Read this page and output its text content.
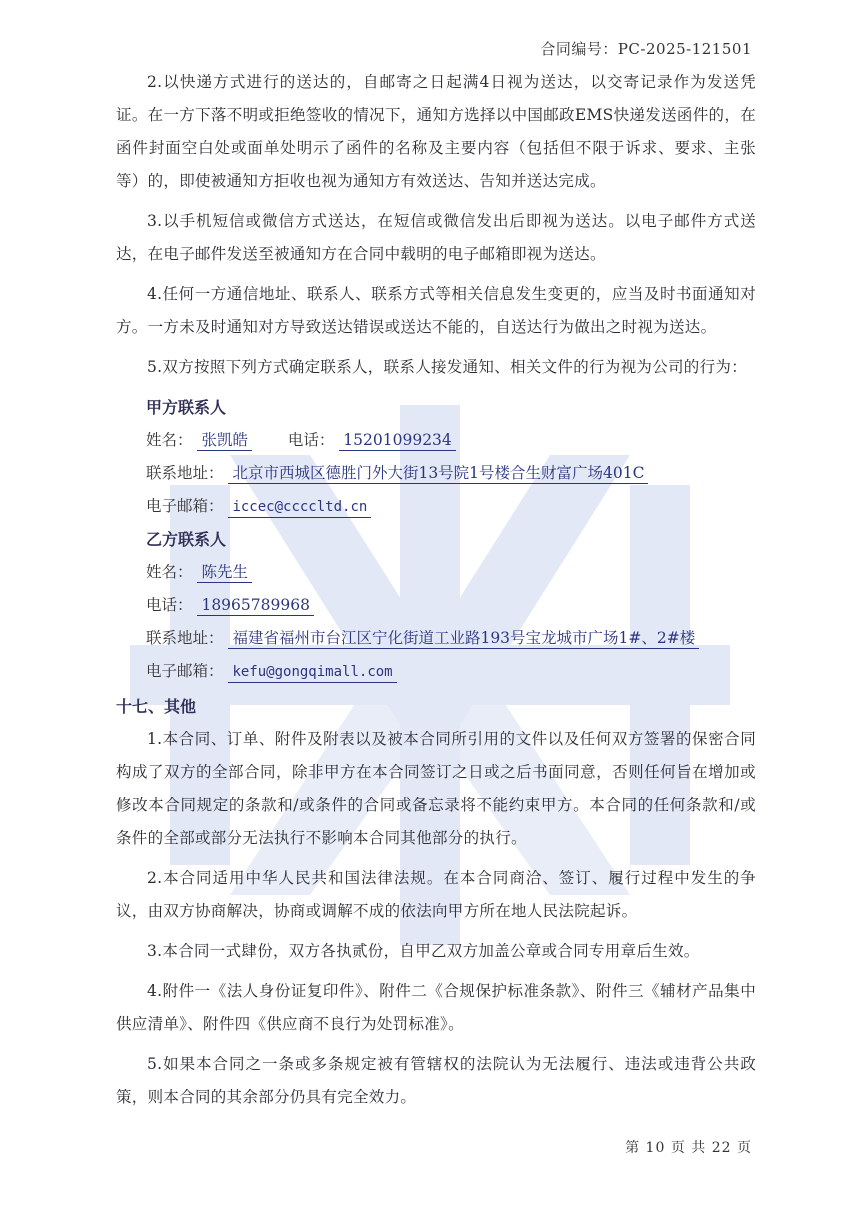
合同编号：PC-2025-121501

2.以快递方式进行的送达的，自邮寄之日起满4日视为送达，以交寄记录作为发送凭证。在一方下落不明或拒绝签收的情况下，通知方选择以中国邮政EMS快递发送函件的，在函件封面空白处或面单处明示了函件的名称及主要内容（包括但不限于诉求、要求、主张等）的，即使被通知方拒收也视为通知方有效送达、告知并送达完成。

3.以手机短信或微信方式送达，在短信或微信发出后即视为送达。以电子邮件方式送达，在电子邮件发送至被通知方在合同中载明的电子邮箱即视为送达。

4.任何一方通信地址、联系人、联系方式等相关信息发生变更的，应当及时书面通知对方。一方未及时通知对方导致送达错误或送达不能的，自送达行为做出之时视为送达。

5.双方按照下列方式确定联系人，联系人接发通知、相关文件的行为视为公司的行为：

甲方联系人
姓名： 张凯皓	电话： 15201099234
联系地址： 北京市西城区德胜门外大街13号院1号楼合生财富广场401C
电子邮箱： iccec@ccccltd.cn
乙方联系人
姓名： 陈先生
电话： 18965789968
联系地址： 福建省福州市台江区宁化街道工业路193号宝龙城市广场1#、2#楼
电子邮箱： kefu@gongqimall.com
十七、其他

1.本合同、订单、附件及附表以及被本合同所引用的文件以及任何双方签署的保密合同构成了双方的全部合同，除非甲方在本合同签订之日或之后书面同意，否则任何旨在增加或修改本合同规定的条款和/或条件的合同或备忘录将不能约束甲方。本合同的任何条款和/或条件的全部或部分无法执行不影响本合同其他部分的执行。

2.本合同适用中华人民共和国法律法规。在本合同商洽、签订、履行过程中发生的争议，由双方协商解决，协商或调解不成的依法向甲方所在地人民法院起诉。

3.本合同一式肆份，双方各执贰份，自甲乙双方加盖公章或合同专用章后生效。

4.附件一《法人身份证复印件》、附件二《合规保护标准条款》、附件三《辅材产品集中供应清单》、附件四《供应商不良行为处罚标准》。

5.如果本合同之一条或多条规定被有管辖权的法院认为无法履行、违法或违背公共政策，则本合同的其余部分仍具有完全效力。

第 10 页 共 22 页
